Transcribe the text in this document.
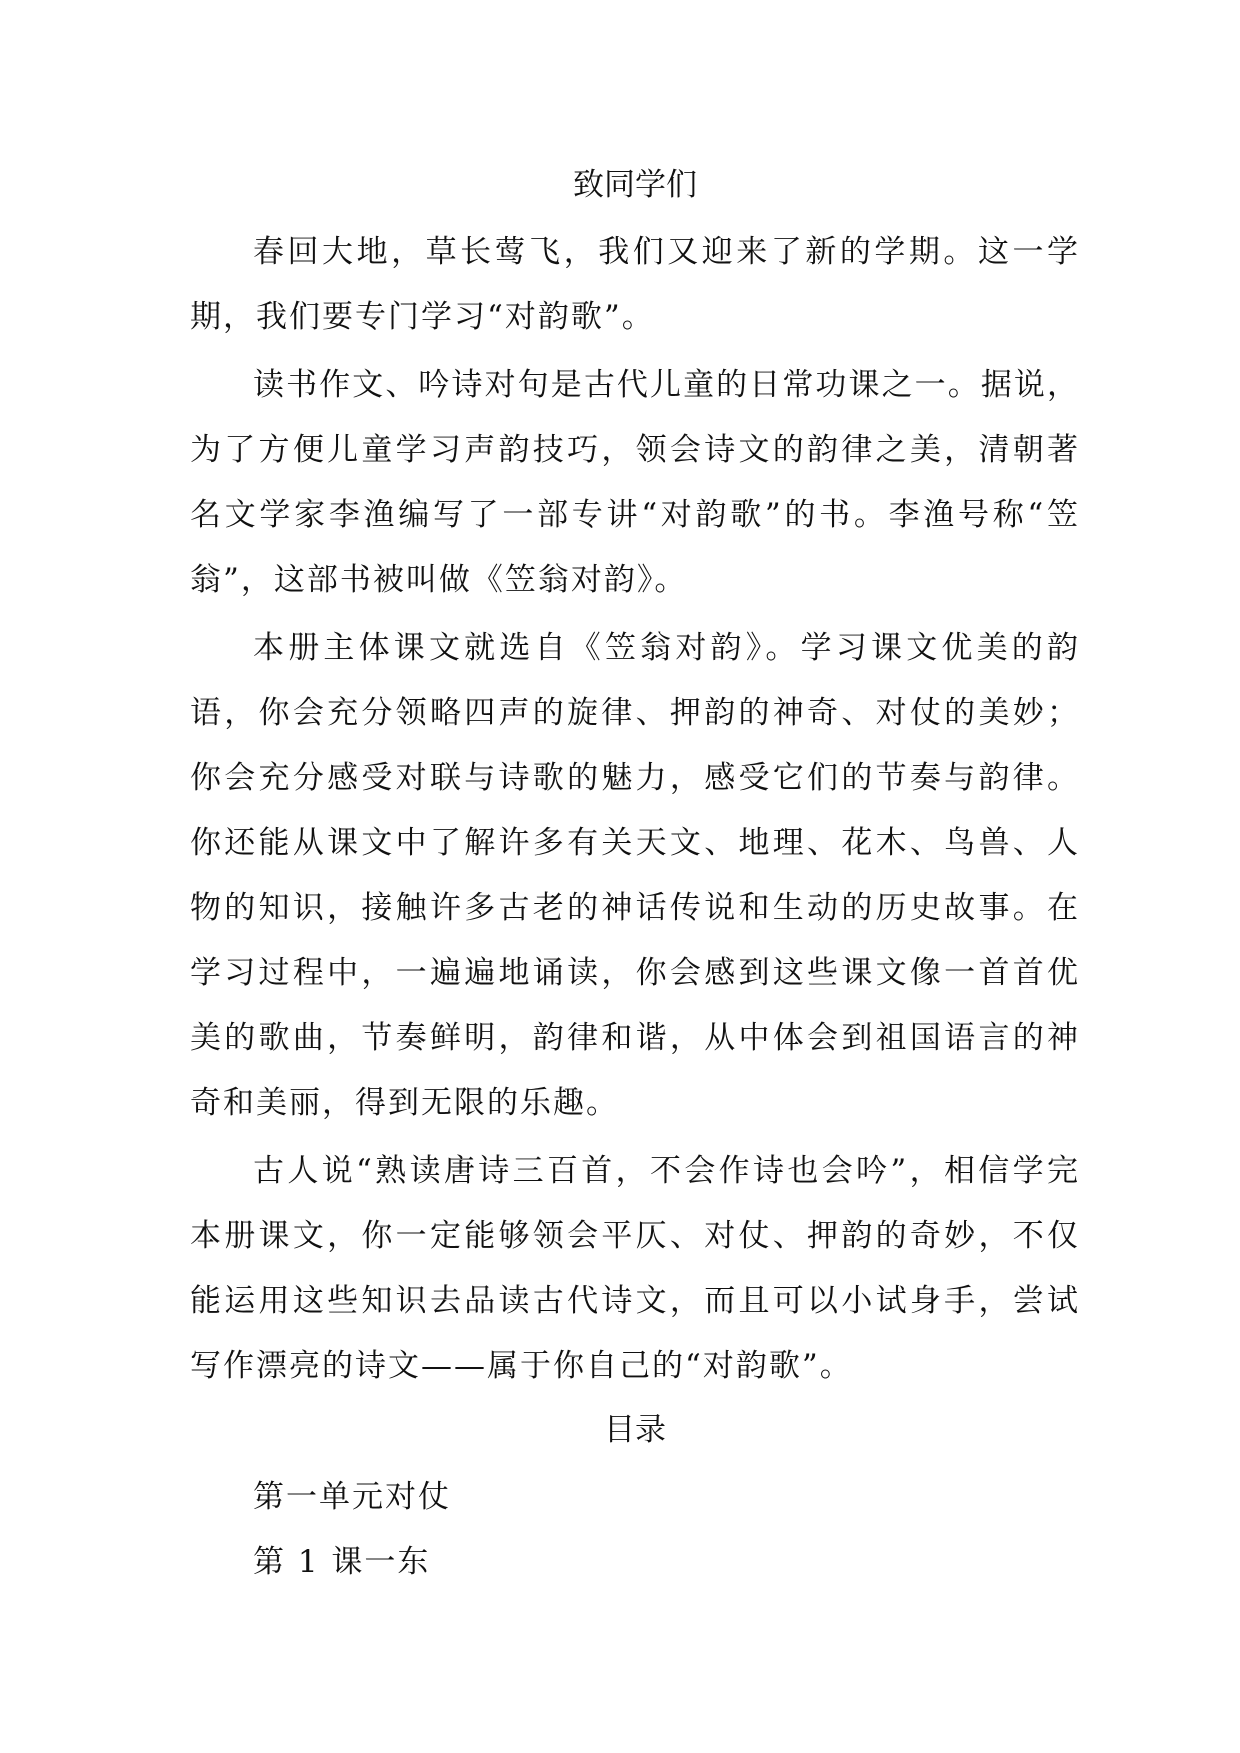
致同学们

春回大地，草长莺飞，我们又迎来了新的学期。这一学期，我们要专门学习“对韵歌”。

读书作文、吟诗对句是古代儿童的日常功课之一。据说，为了方便儿童学习声韵技巧，领会诗文的韵律之美，清朝著名文学家李渔编写了一部专讲“对韵歌”的书。李渔号称“笠翁”，这部书被叫做《笠翁对韵》。

本册主体课文就选自《笠翁对韵》。学习课文优美的韵语，你会充分领略四声的旋律、押韵的神奇、对仗的美妙；你会充分感受对联与诗歌的魅力，感受它们的节奏与韵律。你还能从课文中了解许多有关天文、地理、花木、鸟兽、人物的知识，接触许多古老的神话传说和生动的历史故事。在学习过程中，一遍遍地诵读，你会感到这些课文像一首首优美的歌曲，节奏鲜明，韵律和谐，从中体会到祖国语言的神奇和美丽，得到无限的乐趣。

古人说“熟读唐诗三百首，不会作诗也会吟”，相信学完本册课文，你一定能够领会平仄、对仗、押韵的奇妙，不仅能运用这些知识去品读古代诗文，而且可以小试身手，尝试写作漂亮的诗文——属于你自己的“对韵歌”。

目录
第一单元对仗
第 1 课一东
